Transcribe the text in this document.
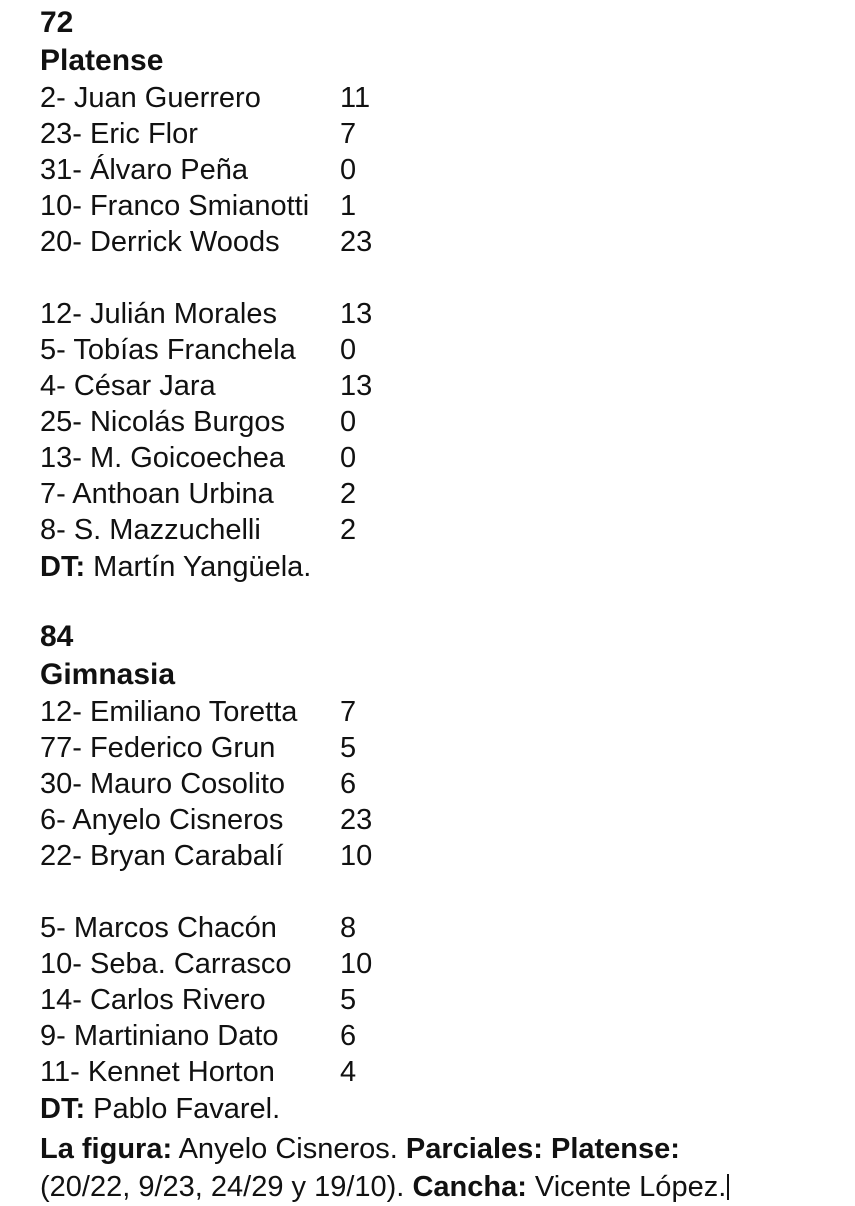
72
Platense
2- Juan Guerrero	11
23- Eric Flor	7
31- Álvaro Peña	0
10- Franco Smianotti	1
20- Derrick Woods	23
12- Julián Morales	13
5- Tobías Franchela	0
4- César Jara	13
25- Nicolás Burgos	0
13- M. Goicoechea	0
7- Anthoan Urbina	2
8- S. Mazzuchelli	2
DT: Martín Yangüela.
84
Gimnasia
12- Emiliano Toretta	7
77- Federico Grun	5
30- Mauro Cosolito	6
6- Anyelo Cisneros	23
22- Bryan Carabalí	10
5- Marcos Chacón	8
10- Seba. Carrasco	10
14- Carlos Rivero	5
9- Martiniano Dato	6
11- Kennet Horton	4
DT: Pablo Favarel.
La figura: Anyelo Cisneros. Parciales: Platense: (20/22, 9/23, 24/29 y 19/10). Cancha: Vicente López.
